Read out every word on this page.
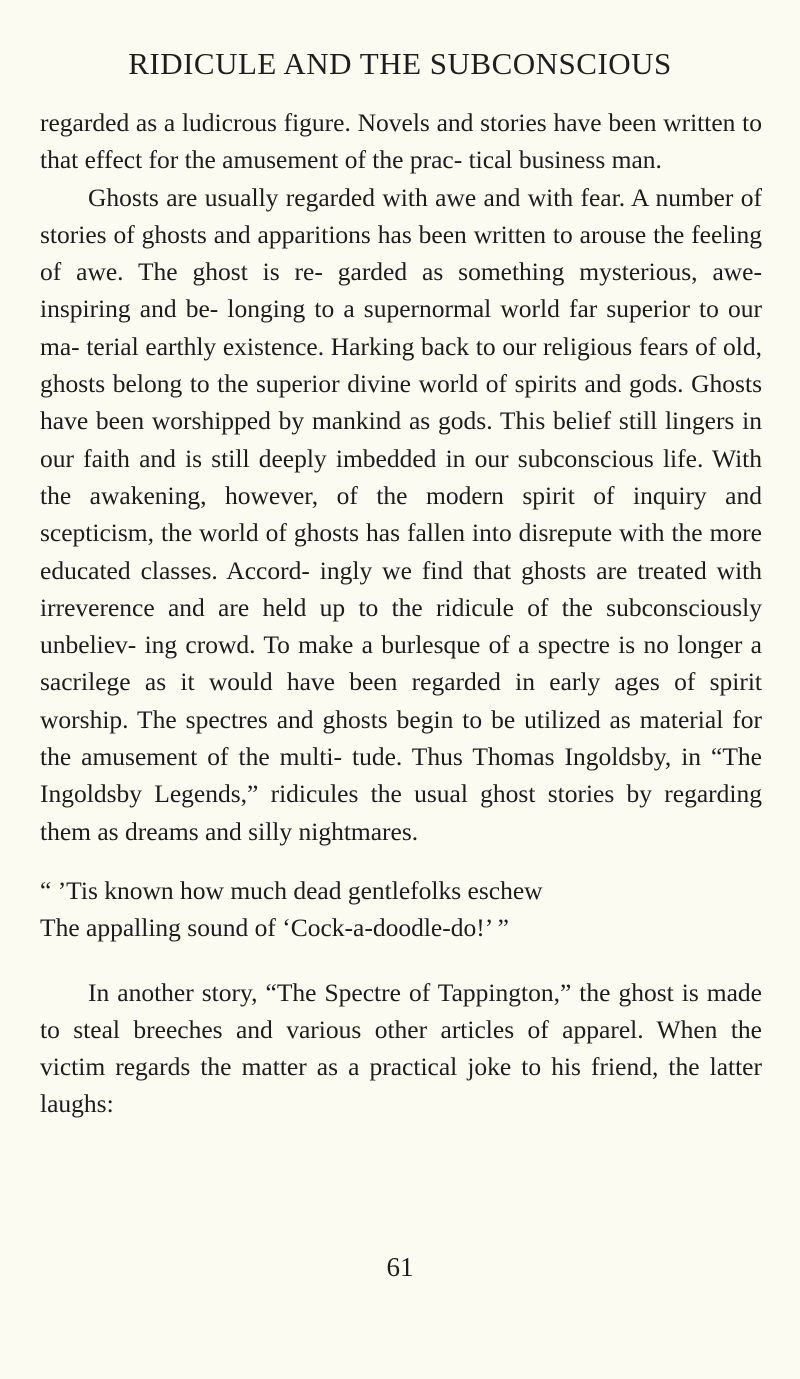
RIDICULE AND THE SUBCONSCIOUS

regarded as a ludicrous figure. Novels and stories have been written to that effect for the amusement of the prac- tical business man.

Ghosts are usually regarded with awe and with fear. A number of stories of ghosts and apparitions has been written to arouse the feeling of awe. The ghost is re- garded as something mysterious, awe-inspiring and be- longing to a supernormal world far superior to our ma- terial earthly existence. Harking back to our religious fears of old, ghosts belong to the superior divine world of spirits and gods. Ghosts have been worshipped by mankind as gods. This belief still lingers in our faith and is still deeply imbedded in our subconscious life. With the awakening, however, of the modern spirit of inquiry and scepticism, the world of ghosts has fallen into disrepute with the more educated classes. Accord- ingly we find that ghosts are treated with irreverence and are held up to the ridicule of the subconsciously unbeliev- ing crowd. To make a burlesque of a spectre is no longer a sacrilege as it would have been regarded in early ages of spirit worship. The spectres and ghosts begin to be utilized as material for the amusement of the multi- tude. Thus Thomas Ingoldsby, in “The Ingoldsby Legends,” ridicules the usual ghost stories by regarding them as dreams and silly nightmares.

“ ’Tis known how much dead gentlefolks eschew
The appalling sound of ‘Cock-a-doodle-do!’ ”

In another story, “The Spectre of Tappington,” the ghost is made to steal breeches and various other articles of apparel. When the victim regards the matter as a practical joke to his friend, the latter laughs:

61
